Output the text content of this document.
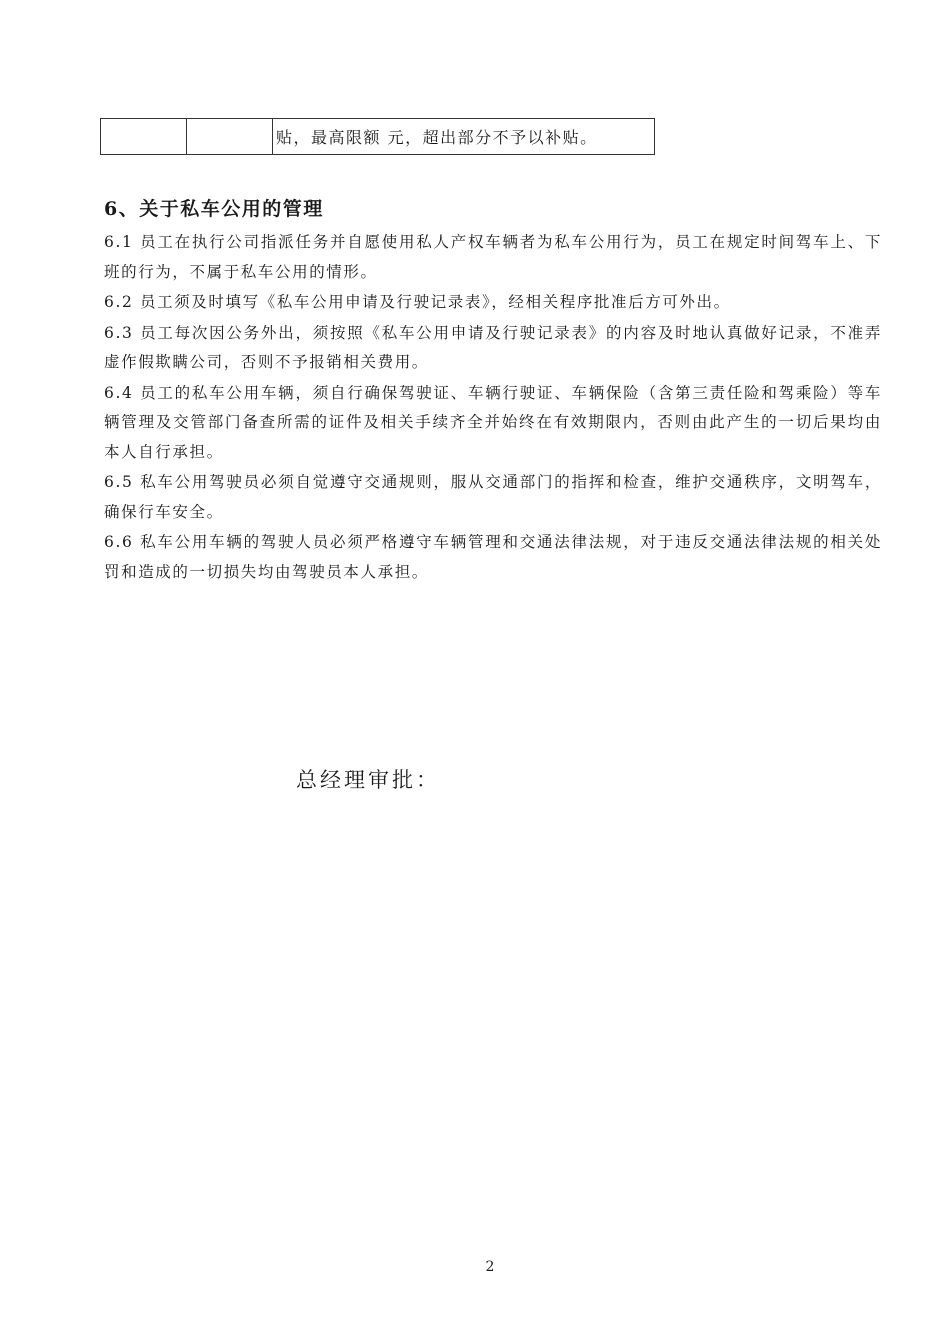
		贴，最高限额 元，超出部分不予以补贴。
6、关于私车公用的管理

6.1 员工在执行公司指派任务并自愿使用私人产权车辆者为私车公用行为，员工在规定时间驾车上、下班的行为，不属于私车公用的情形。

6.2 员工须及时填写《私车公用申请及行驶记录表》，经相关程序批准后方可外出。

6.3 员工每次因公务外出，须按照《私车公用申请及行驶记录表》的内容及时地认真做好记录，不准弄虚作假欺瞒公司，否则不予报销相关费用。

6.4 员工的私车公用车辆，须自行确保驾驶证、车辆行驶证、车辆保险（含第三责任险和驾乘险）等车辆管理及交管部门备查所需的证件及相关手续齐全并始终在有效期限内，否则由此产生的一切后果均由本人自行承担。

6.5 私车公用驾驶员必须自觉遵守交通规则，服从交通部门的指挥和检查，维护交通秩序，文明驾车，确保行车安全。

6.6 私车公用车辆的驾驶人员必须严格遵守车辆管理和交通法律法规，对于违反交通法律法规的相关处罚和造成的一切损失均由驾驶员本人承担。

总经理审批：
2
